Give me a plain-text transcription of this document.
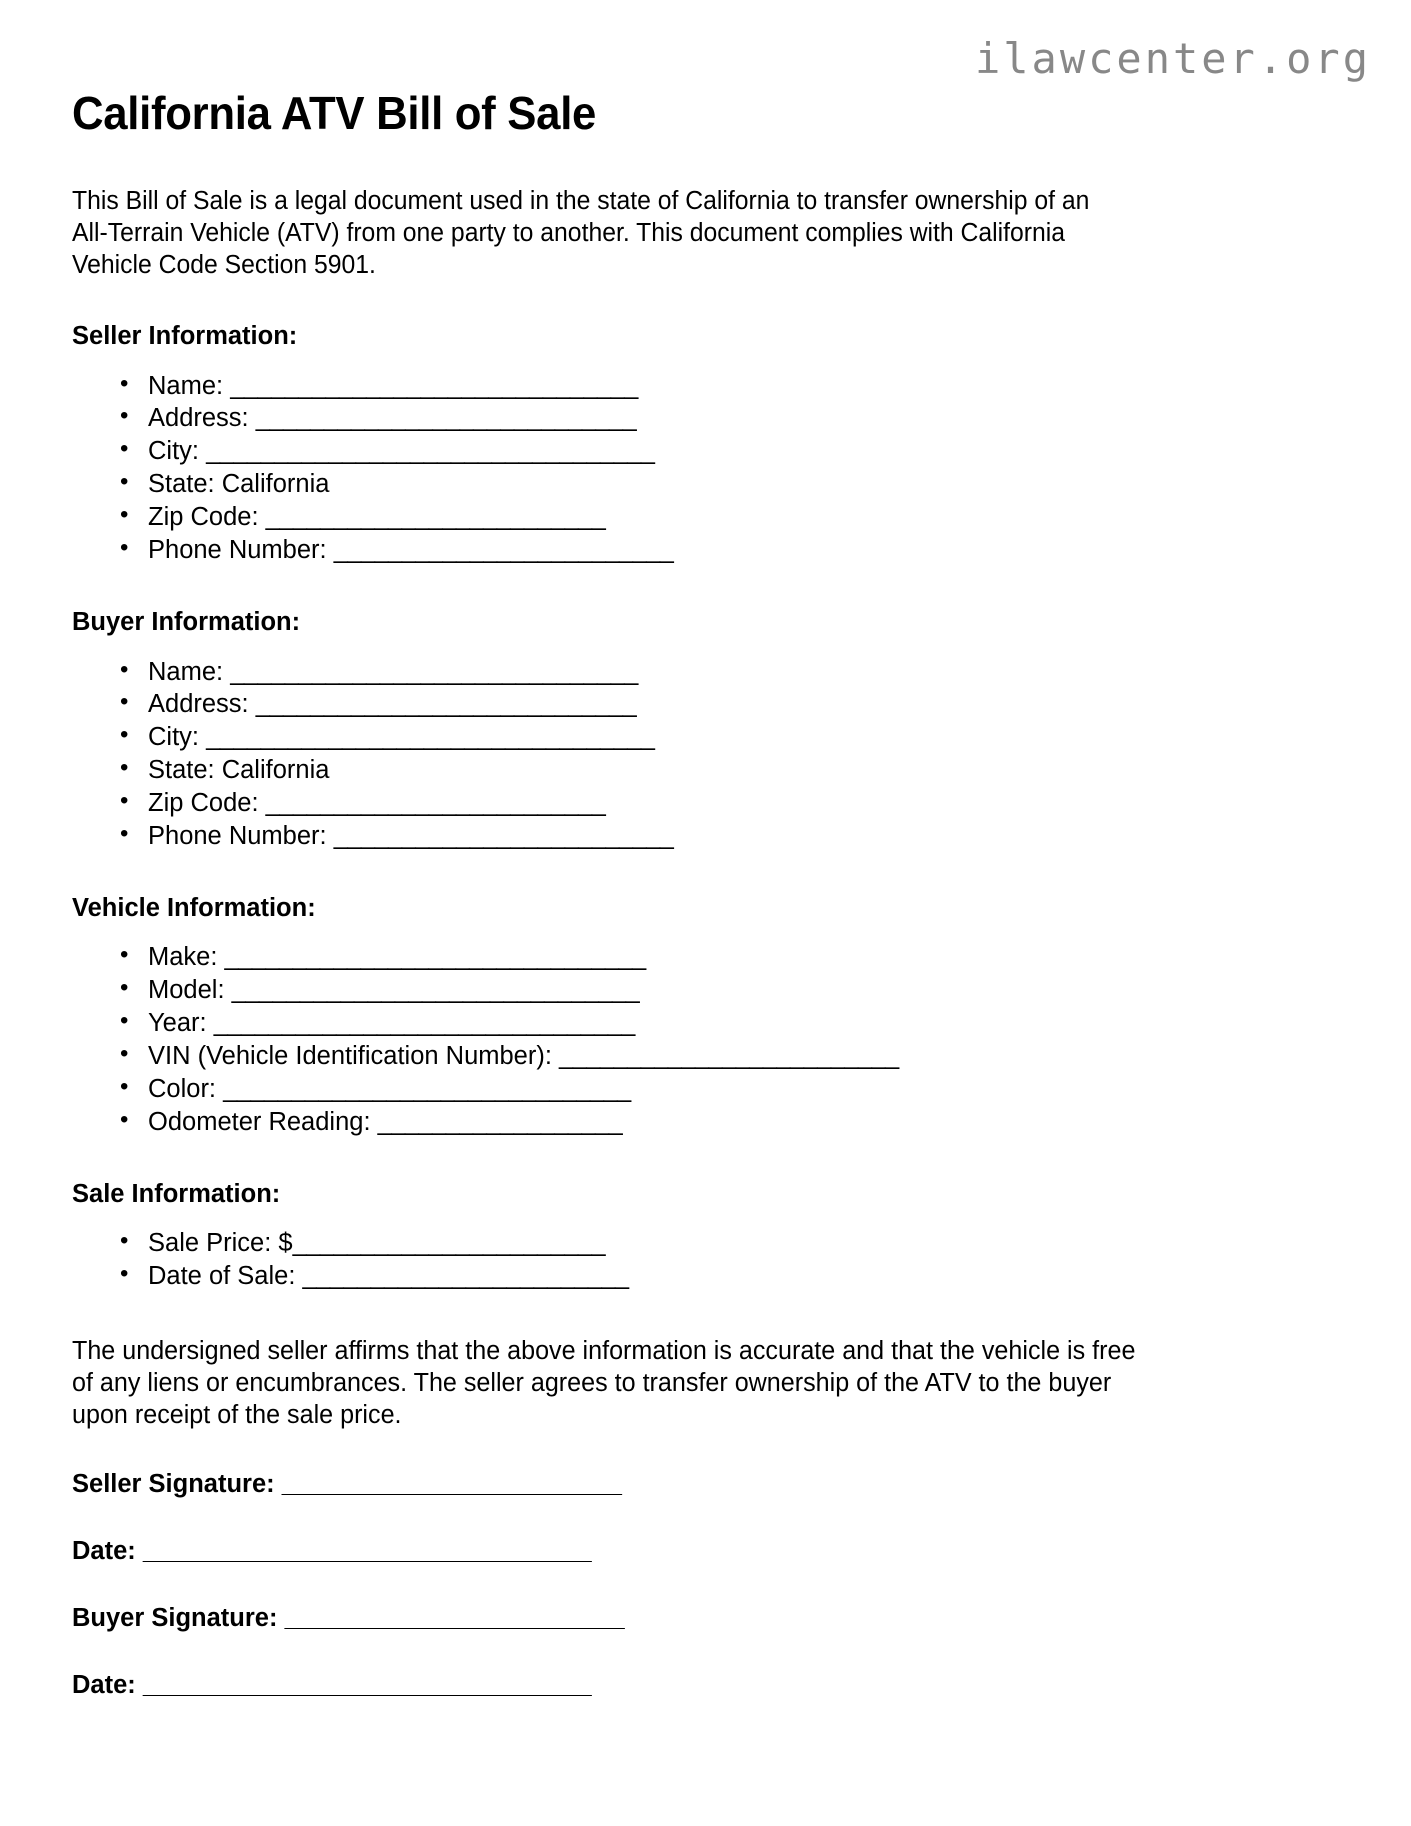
ilawcenter.org
California ATV Bill of Sale

This Bill of Sale is a legal document used in the state of California to transfer ownership of an All-Terrain Vehicle (ATV) from one party to another. This document complies with California Vehicle Code Section 5901.

Seller Information:
• Name: ______________________________
• Address: ____________________________
• City: _________________________________
• State: California
• Zip Code: _________________________
• Phone Number: _________________________
Buyer Information:
• Name: ______________________________
• Address: ____________________________
• City: _________________________________
• State: California
• Zip Code: _________________________
• Phone Number: _________________________
Vehicle Information:
• Make: _______________________________
• Model: ______________________________
• Year: _______________________________
• VIN (Vehicle Identification Number): _________________________
• Color: ______________________________
• Odometer Reading: __________________
Sale Information:
• Sale Price: $_______________________
• Date of Sale: ________________________

The undersigned seller affirms that the above information is accurate and that the vehicle is free of any liens or encumbrances. The seller agrees to transfer ownership of the ATV to the buyer upon receipt of the sale price.

Seller Signature: _________________________
Date: _________________________________
Buyer Signature: _________________________
Date: _________________________________
